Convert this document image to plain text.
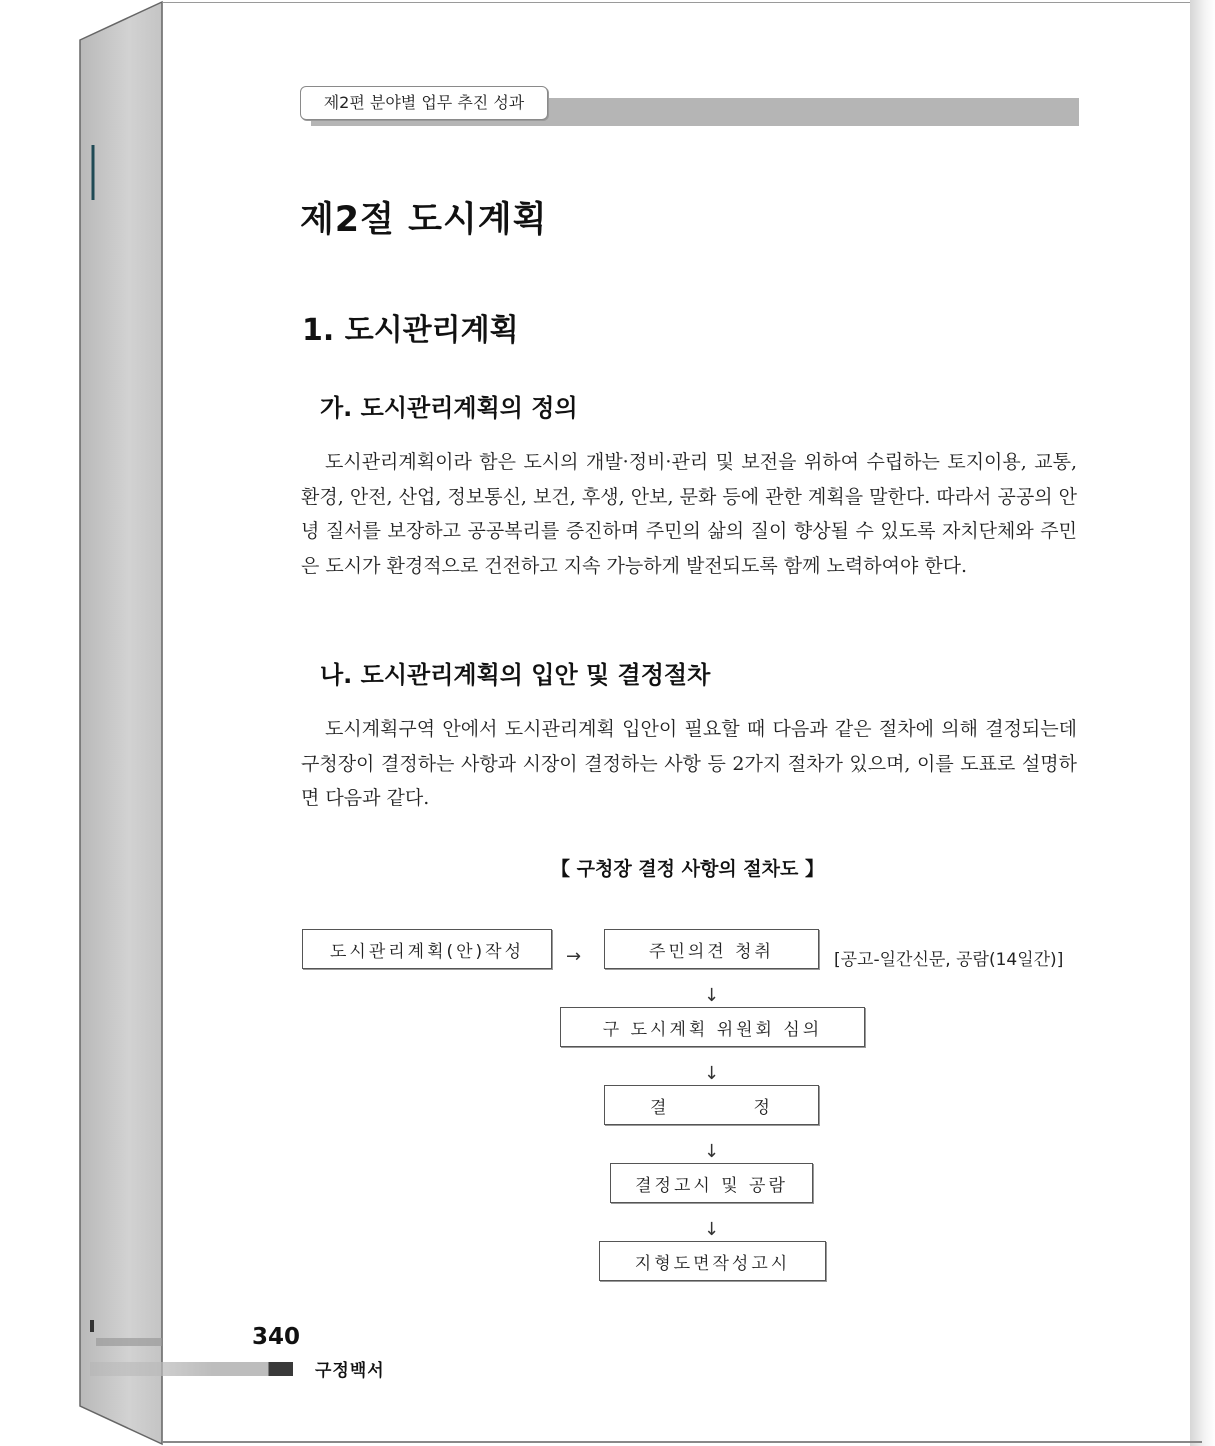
제2편 분야별 업무 추진 성과
제2절 도시계획
1. 도시관리계획
가. 도시관리계획의 정의

도시관리계획이라 함은 도시의 개발·정비·관리 및 보전을 위하여 수립하는 토지이용, 교통, 환경, 안전, 산업, 정보통신, 보건, 후생, 안보, 문화 등에 관한 계획을 말한다. 따라서 공공의 안녕 질서를 보장하고 공공복리를 증진하며 주민의 삶의 질이 향상될 수 있도록 자치단체와 주민은 도시가 환경적으로 건전하고 지속 가능하게 발전되도록 함께 노력하여야 한다.

나. 도시관리계획의 입안 및 결정절차

도시계획구역 안에서 도시관리계획 입안이 필요할 때 다음과 같은 절차에 의해 결정되는데 구청장이 결정하는 사항과 시장이 결정하는 사항 등 2가지 절차가 있으며, 이를 도표로 설명하면 다음과 같다.

【 구청장 결정 사항의 절차도 】
도시관리계획(안)작성	→	주민의견 청취	[공고-일간신문, 공람(14일간)]
↓
구 도시계획 위원회 심의
↓
결          정
↓
결정고시 및 공람
↓
지형도면작성고시
340
구정백서
